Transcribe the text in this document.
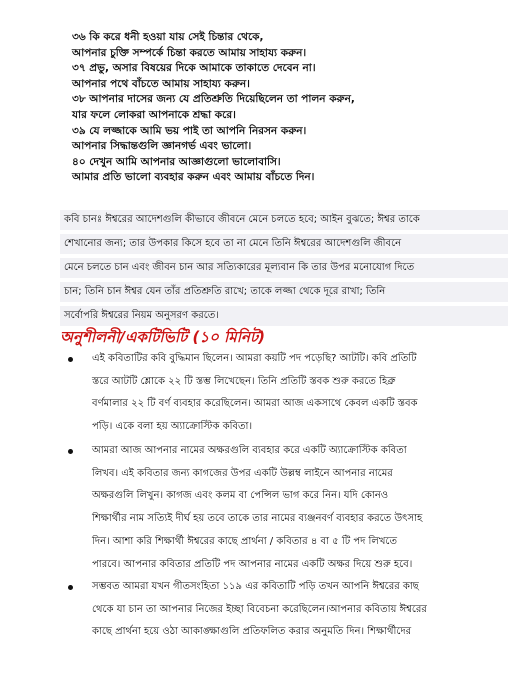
৩৬ কি করে ধনী হওয়া যায় সেই চিন্তার থেকে,
আপনার চুক্তি সম্পর্কে চিন্তা করতে আমায় সাহায্য করুন।
৩৭ প্রভু, অসার বিষয়ের দিকে আমাকে তাকাতে দেবেন না।
আপনার পথে বাঁচতে আমায় সাহায্য করুন।
৩৮ আপনার দাসের জন্য যে প্রতিশ্রুতি দিয়েছিলেন তা পালন করুন,
যার ফলে লোকরা আপনাকে শ্রদ্ধা করে।
৩৯ যে লজ্জাকে আমি ভয় পাই তা আপনি নিরসন করুন।
আপনার সিদ্ধান্তগুলি জ্ঞানগর্ভ এবং ভালো।
৪০ দেখুন আমি আপনার আজ্ঞাগুলো ভালোবাসি।
আমার প্রতি ভালো ব্যবহার করুন এবং আমায় বাঁচতে দিন।
কবি চানঃ ঈশ্বরের আদেশগুলি কীভাবে জীবনে মেনে চলতে হবে; আইন বুঝতে; ঈশ্বর তাকে
শেখানোর জন্য; তার উপকার কিসে হবে তা না মেনে তিনি ঈশ্বরের আদেশগুলি জীবনে
মেনে চলতে চান এবং জীবন চান আর সত্যিকারের মূল্যবান কি তার উপর মনোযোগ দিতে
চান; তিনি চান ঈশ্বর যেন তাঁর প্রতিশ্রুতি রাখে; তাকে লজ্জা থেকে দূরে রাখা; তিনি
সর্বোপরি ঈশ্বরের নিয়ম অনুসরণ করতে।
অনুশীলনী/একটিভিটি (১০ মিনিট)
এই কবিতাটির কবি বুদ্ধিমান ছিলেন। আমরা কয়টি পদ পড়েছি? আটটি। কবি প্রতিটি
স্তরে আটটি শ্লোকে ২২ টি স্তম্ভ লিখেছেন। তিনি প্রতিটি স্তবক শুরু করতে হিব্রু
বর্ণমালার ২২ টি বর্ণ ব্যবহার করেছিলেন। আমরা আজ একসাথে কেবল একটি স্তবক
পড়ি। একে বলা হয় অ্যাক্রোস্টিক কবিতা।
আমরা আজ আপনার নামের অক্ষরগুলি ব্যবহার করে একটি অ্যাক্রোস্টিক কবিতা
লিখব। এই কবিতার জন্য কাগজের উপর একটি উল্লম্ব লাইনে আপনার নামের
অক্ষরগুলি লিখুন। কাগজ এবং কলম বা পেন্সিল ভাগ করে নিন। যদি কোনও
শিক্ষার্থীর নাম সত্যিই দীর্ঘ হয় তবে তাকে তার নামের ব্যঞ্জনবর্ণ ব্যবহার করতে উৎসাহ
দিন। আশা করি শিক্ষার্থী ঈশ্বরের কাছে প্রার্থনা / কবিতার ৪ বা ৫ টি পদ লিখতে
পারবে। আপনার কবিতার প্রতিটি পদ আপনার নামের একটি অক্ষর দিয়ে শুরু হবে।
সম্ভবত আমরা যখন গীতসংহিতা ১১৯ এর কবিতাটি পড়ি তখন আপনি ঈশ্বরের কাছ
থেকে যা চান তা আপনার নিজের ইচ্ছা বিবেচনা করেছিলেন।আপনার কবিতায় ঈশ্বরের
কাছে প্রার্থনা হয়ে ওঠা আকাঙ্ক্ষাগুলি প্রতিফলিত করার অনুমতি দিন। শিক্ষার্থীদের
